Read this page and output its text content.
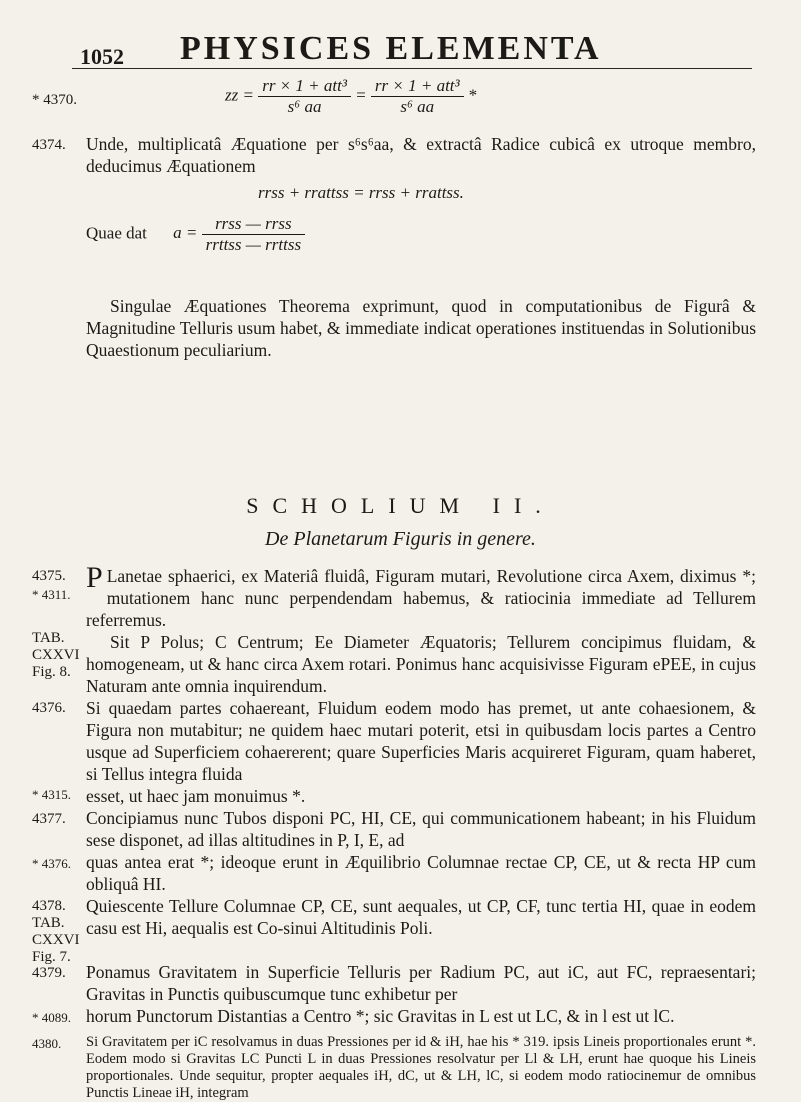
1052 PHYSICES ELEMENTA
* 4370.	zz = $\frac{\text{rr × 1 + att³}}{\text{s⁶ aa}} = \frac{\text{rr × 1 + att³}}{\text{s⁶ aa}}$ *
4374. Unde, multiplicatâ Æquatione per s⁶s⁶aa, & extractâ Radice cubicâ ex utroque membro, deducimus Æquationem
rrss + rrattss = rrss + rrattss.
Quae dat $a = \frac{\text{rrss — rrss}}{\text{rrttss — rrttss}}$
Singulae Æquationes Theorema exprimunt, quod in computationibus de Figurâ & Magnitudine Telluris usum habet, & immediate indicat operationes instituendas in Solutionibus Quaestionum peculiarium.
SCHOLIUM II.
De Planetarum Figuris in genere.
4375.
* 4311.
P Lanetae sphaerici, ex Materiâ fluidâ, Figuram mutari, Revolutione circa Axem, diximus *; mutationem hanc nunc perpendendam habemus, & ratiocinia immediate ad Tellurem referremus.
TAB.
CXXVI
Fig. 8.
Sit P Polus; C Centrum; Ee Diameter Æquatoris; Tellurem concipimus fluidam, & homogeneam, ut & hanc circa Axem rotari. Ponimus hanc acquisivisse Figuram ePEE, in cujus Naturam ante omnia inquirendum.
4376. Si quaedam partes cohaereant, Fluidum eodem modo has premet, ut ante cohaesionem, & Figura non mutabitur; ne quidem haec mutari poterit, etsi in quibusdam locis partes a Centro usque ad Superficiem cohaererent; quare Superficies Maris acquireret Figuram, quam haberet, si Tellus integra fluida
* 4315. esset, ut haec jam monuimus *.
4377. Concipiamus nunc Tubos disponi PC, HI, CE, qui communicationem habeant; in his Fluidum sese disponet, ad illas altitudines in P, I, E, ad
* 4376. quas antea erat *; ideoque erunt in Æquilibrio Columnae rectae CP, CE, ut & recta HP cum obliquâ HI.
4378.
TAB.
CXXVI
Fig. 7.
Quiescente Tellure Columnae CP, CE, sunt aequales, ut CP, CF, tunc tertia HI, quae in eodem casu est Hi, aequalis est Co-sinui Altitudinis Poli.
4379. Ponamus Gravitatem in Superficie Telluris per Radium PC, aut iC, aut FC, repraesentari; Gravitas in Punctis quibuscumque tunc exhibetur per
* 4089. horum Punctorum Distantias a Centro *; sic Gravitas in L est ut LC, & in l est ut lC.
4380. Si Gravitatem per iC resolvamus in duas Pressiones per id & iH, hae his * 319. ipsis Lineis proportionales erunt *. Eodem modo si Gravitas LC Puncti L in duas Pressiones resolvatur per Ll & LH, erunt hae quoque his Lineis proportionales. Unde sequitur, propter aequales iH, dC, ut & LH, lC, si eodem modo ratiocinemur de omnibus Punctis Lineae iH, integram
